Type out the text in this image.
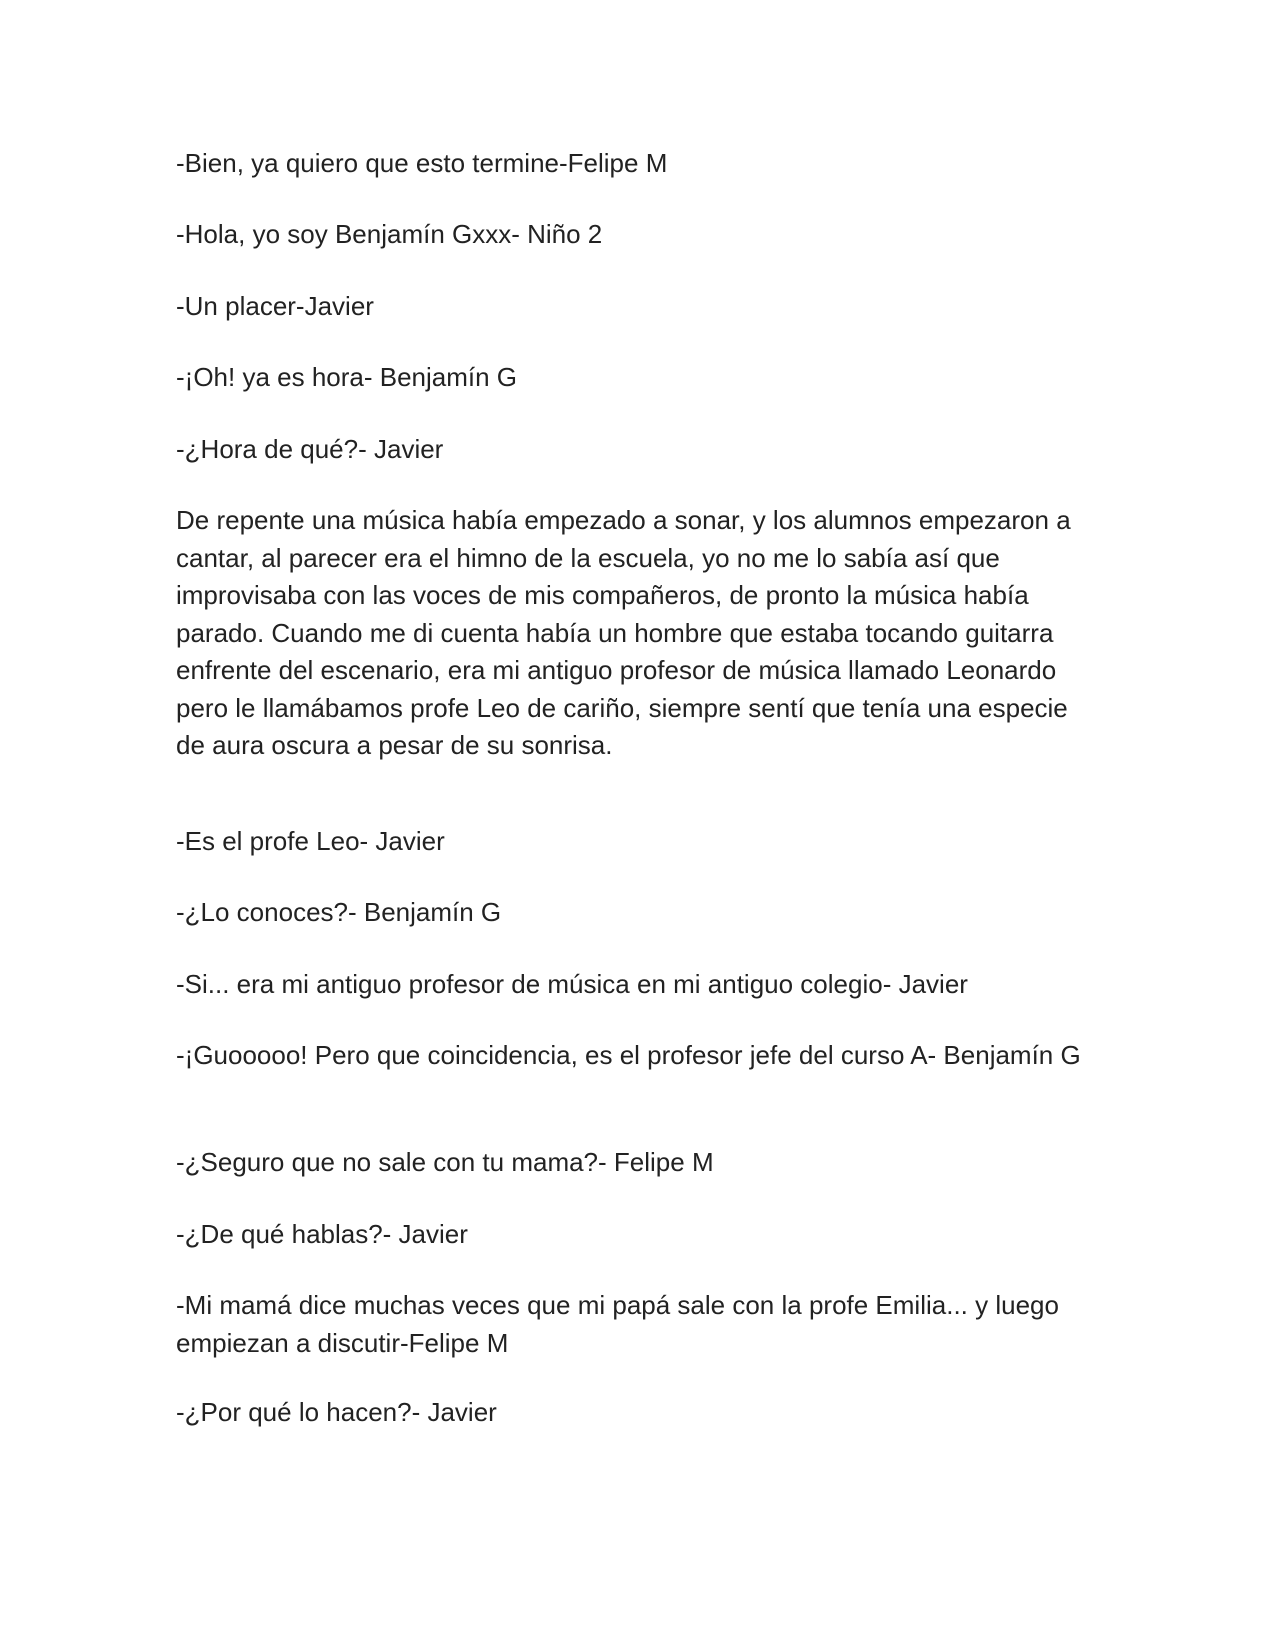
-Bien, ya quiero que esto termine-Felipe M

-Hola, yo soy Benjamín Gxxx- Niño 2

-Un placer-Javier

-¡Oh! ya es hora- Benjamín G

-¿Hora de qué?- Javier

De repente una música había empezado a sonar, y los alumnos empezaron a cantar, al parecer era el himno de la escuela, yo no me lo sabía así que improvisaba con las voces de mis compañeros, de pronto la música había parado. Cuando me di cuenta había un hombre que estaba tocando guitarra enfrente del escenario, era mi antiguo profesor de música llamado Leonardo pero le llamábamos profe Leo de cariño, siempre sentí que tenía una especie de aura oscura a pesar de su sonrisa.

-Es el profe Leo- Javier

-¿Lo conoces?- Benjamín G

-Si... era mi antiguo profesor de música en mi antiguo colegio- Javier

-¡Guooooo! Pero que coincidencia, es el profesor jefe del curso A- Benjamín G

-¿Seguro que no sale con tu mama?- Felipe M

-¿De qué hablas?- Javier

-Mi mamá dice muchas veces que mi papá sale con la profe Emilia... y luego empiezan a discutir-Felipe M

-¿Por qué lo hacen?- Javier
